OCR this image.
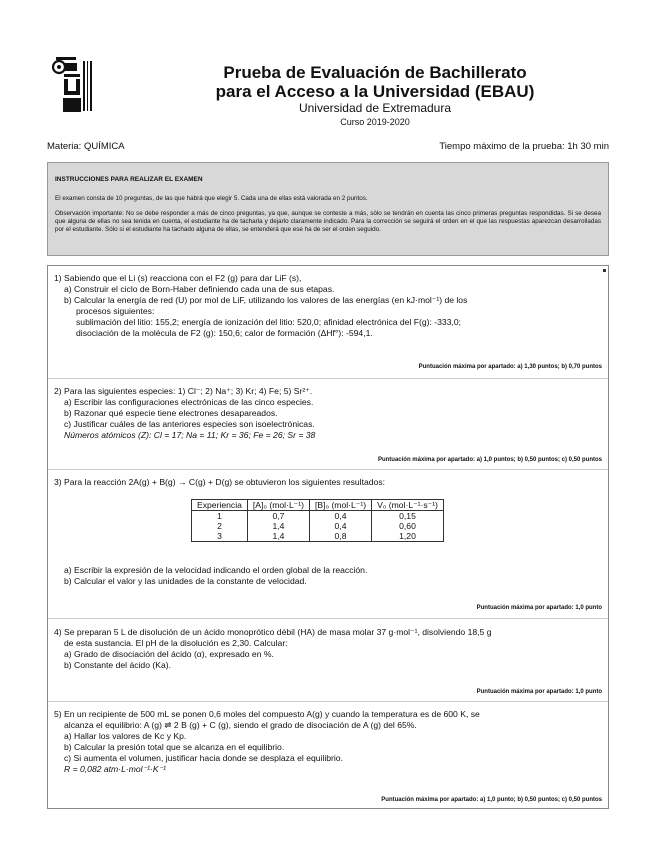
Prueba de Evaluación de Bachillerato
para el Acceso a la Universidad (EBAU)
Universidad de Extremadura
Curso 2019-2020
Materia: QUÍMICA	Tiempo máximo de la prueba: 1h 30 min
INSTRUCCIONES PARA REALIZAR EL EXAMEN

El examen consta de 10 preguntas, de las que habrá que elegir 5. Cada una de ellas está valorada en 2 puntos.

Observación importante: No se debe responder a más de cinco preguntas, ya que, aunque se conteste a más, sólo se tendrán en cuenta las cinco primeras preguntas respondidas. Si se desea que alguna de ellas no sea tenida en cuenta, el estudiante ha de tacharla y dejarlo claramente indicado. Para la corrección se seguirá el orden en el que las respuestas aparezcan desarrolladas por el estudiante. Sólo si el estudiante ha tachado alguna de ellas, se entenderá que ese ha de ser el orden seguido.

1) Sabiendo que el Li (s) reacciona con el F2 (g) para dar LiF (s),
a) Construir el ciclo de Born-Haber definiendo cada una de sus etapas.
b) Calcular la energía de red (U) por mol de LiF, utilizando los valores de las energías (en kJ·mol⁻¹) de los
procesos siguientes:
sublimación del litio: 155,2; energía de ionización del litio: 520,0; afinidad electrónica del F(g): -333,0;
disociación de la molécula de F2 (g): 150,6; calor de formación (ΔHf°): -594,1.
Puntuación máxima por apartado: a) 1,30 puntos; b) 0,70 puntos
2) Para las siguientes especies: 1) Cl⁻; 2) Na⁺; 3) Kr; 4) Fe; 5) Sr²⁺.
a) Escribir las configuraciones electrónicas de las cinco especies.
b) Razonar qué especie tiene electrones desapareados.
c) Justificar cuáles de las anteriores especies son isoelectrónicas.
Números atómicos (Z): Cl = 17; Na = 11; Kr = 36; Fe = 26; Sr = 38
Puntuación máxima por apartado: a) 1,0 puntos; b) 0,50 puntos; c) 0,50 puntos
3) Para la reacción 2A(g) + B(g) → C(g) + D(g) se obtuvieron los siguientes resultados:
Experiencia	[A]₀ (mol·L⁻¹)	[B]₀ (mol·L⁻¹)	V₀ (mol·L⁻¹·s⁻¹)
1	0,7	0,4	0,15
2	1,4	0,4	0,60
3	1,4	0,8	1,20
a) Escribir la expresión de la velocidad indicando el orden global de la reacción.
b) Calcular el valor y las unidades de la constante de velocidad.
Puntuación máxima por apartado: 1,0 punto
4) Se preparan 5 L de disolución de un ácido monoprótico débil (HA) de masa molar 37 g·mol⁻¹, disolviendo 18,5 g
de esta sustancia. El pH de la disolución es 2,30. Calcular:
a) Grado de disociación del ácido (α), expresado en %.
b) Constante del ácido (Ka).
Puntuación máxima por apartado: 1,0 punto
5) En un recipiente de 500 mL se ponen 0,6 moles del compuesto A(g) y cuando la temperatura es de 600 K, se
alcanza el equilibrio: A (g) ⇌ 2 B (g) + C (g), siendo el grado de disociación de A (g) del 65%.
a) Hallar los valores de Kc y Kp.
b) Calcular la presión total que se alcanza en el equilibrio.
c) Si aumenta el volumen, justificar hacia donde se desplaza el equilibrio.
R = 0,082 atm·L·mol⁻¹·K⁻¹
Puntuación máxima por apartado: a) 1,0 punto; b) 0,50 puntos; c) 0,50 puntos
